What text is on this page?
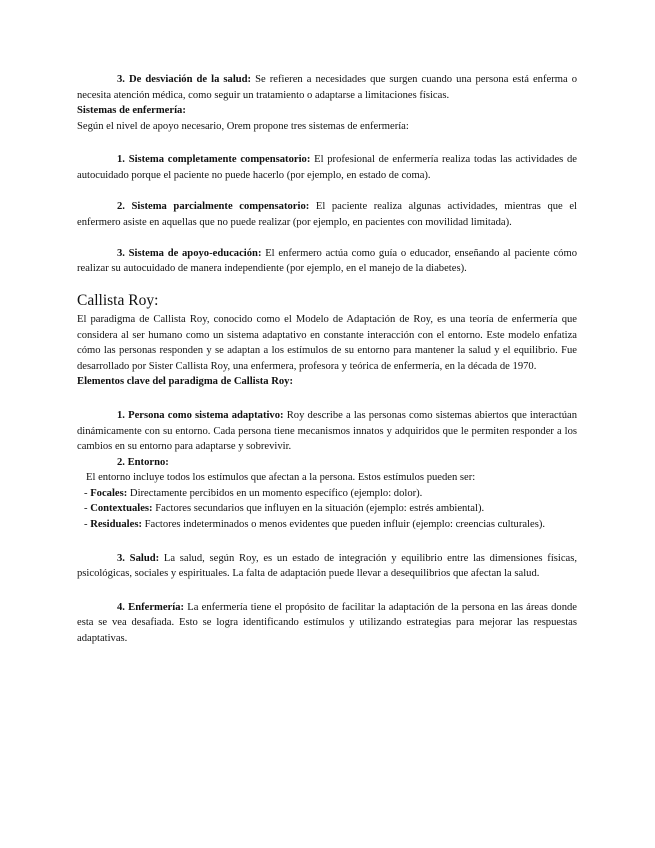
3. De desviación de la salud: Se refieren a necesidades que surgen cuando una persona está enferma o necesita atención médica, como seguir un tratamiento o adaptarse a limitaciones físicas.

Sistemas de enfermería:

Según el nivel de apoyo necesario, Orem propone tres sistemas de enfermería:

1. Sistema completamente compensatorio: El profesional de enfermería realiza todas las actividades de autocuidado porque el paciente no puede hacerlo (por ejemplo, en estado de coma).

2. Sistema parcialmente compensatorio: El paciente realiza algunas actividades, mientras que el enfermero asiste en aquellas que no puede realizar (por ejemplo, en pacientes con movilidad limitada).

3. Sistema de apoyo-educación: El enfermero actúa como guía o educador, enseñando al paciente cómo realizar su autocuidado de manera independiente (por ejemplo, en el manejo de la diabetes).

Callista Roy:

El paradigma de Callista Roy, conocido como el Modelo de Adaptación de Roy, es una teoría de enfermería que considera al ser humano como un sistema adaptativo en constante interacción con el entorno. Este modelo enfatiza cómo las personas responden y se adaptan a los estímulos de su entorno para mantener la salud y el equilibrio. Fue desarrollado por Sister Callista Roy, una enfermera, profesora y teórica de enfermería, en la década de 1970.

Elementos clave del paradigma de Callista Roy:

1. Persona como sistema adaptativo: Roy describe a las personas como sistemas abiertos que interactúan dinámicamente con su entorno. Cada persona tiene mecanismos innatos y adquiridos que le permiten responder a los cambios en su entorno para adaptarse y sobrevivir.

2. Entorno:

El entorno incluye todos los estímulos que afectan a la persona. Estos estímulos pueden ser:

- Focales: Directamente percibidos en un momento específico (ejemplo: dolor).

- Contextuales: Factores secundarios que influyen en la situación (ejemplo: estrés ambiental).

- Residuales: Factores indeterminados o menos evidentes que pueden influir (ejemplo: creencias culturales).

3. Salud: La salud, según Roy, es un estado de integración y equilibrio entre las dimensiones físicas, psicológicas, sociales y espirituales. La falta de adaptación puede llevar a desequilibrios que afectan la salud.

4. Enfermería: La enfermería tiene el propósito de facilitar la adaptación de la persona en las áreas donde esta se vea desafiada. Esto se logra identificando estímulos y utilizando estrategias para mejorar las respuestas adaptativas.
